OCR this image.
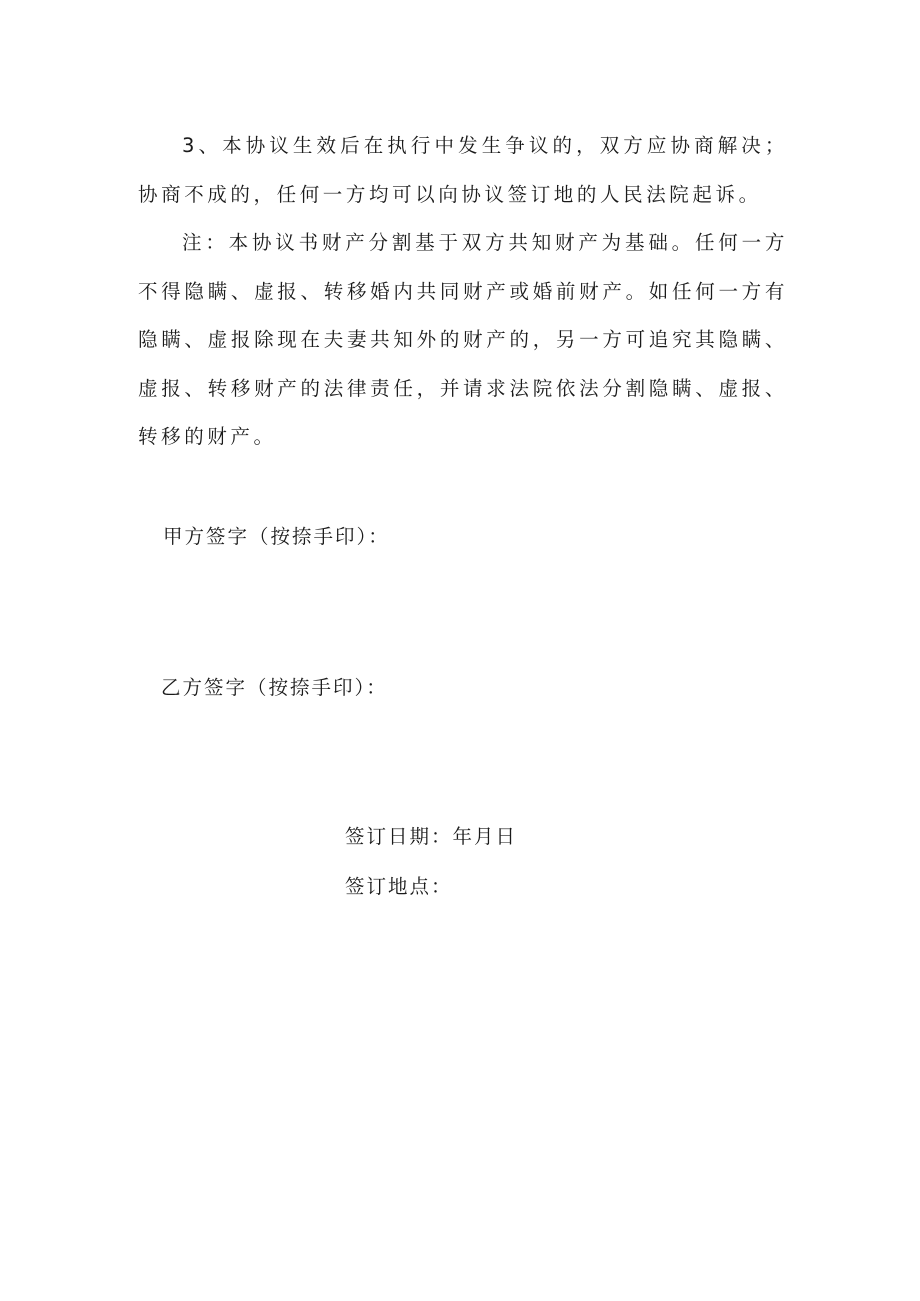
3、本协议生效后在执行中发生争议的，双方应协商解决；协商不成的，任何一方均可以向协议签订地的人民法院起诉。

注：本协议书财产分割基于双方共知财产为基础。任何一方不得隐瞒、虚报、转移婚内共同财产或婚前财产。如任何一方有隐瞒、虚报除现在夫妻共知外的财产的，另一方可追究其隐瞒、虚报、转移财产的法律责任，并请求法院依法分割隐瞒、虚报、转移的财产。

甲方签字（按捺手印）：

乙方签字（按捺手印）：

签订日期：年月日

签订地点：
